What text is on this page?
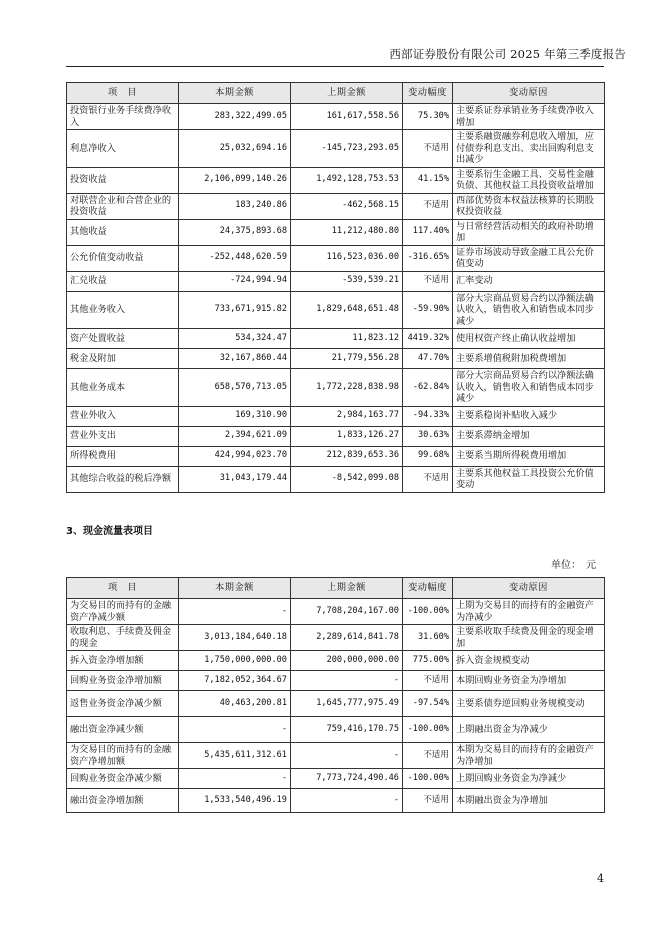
西部证券股份有限公司 2025 年第三季度报告
项　目	本期金额	上期金额	变动幅度	变动原因
投资银行业务手续费净收入	283,322,499.05	161,617,558.56	75.30%	主要系证券承销业务手续费净收入增加
利息净收入	25,032,694.16	-145,723,293.05	不适用	主要系融资融券利息收入增加，应付债券利息支出、卖出回购利息支出减少
投资收益	2,106,099,140.26	1,492,128,753.53	41.15%	主要系衍生金融工具、交易性金融负债、其他权益工具投资收益增加
对联营企业和合营企业的投资收益	183,240.86	-462,568.15	不适用	西部优势资本权益法核算的长期股权投资收益
其他收益	24,375,893.68	11,212,480.80	117.40%	与日常经营活动相关的政府补助增加
公允价值变动收益	-252,448,620.59	116,523,036.00	-316.65%	证券市场波动导致金融工具公允价值变动
汇兑收益	-724,994.94	-539,539.21	不适用	汇率变动
其他业务收入	733,671,915.82	1,829,648,651.48	-59.90%	部分大宗商品贸易合约以净额法确认收入，销售收入和销售成本同步减少
资产处置收益	534,324.47	11,823.12	4419.32%	使用权资产终止确认收益增加
税金及附加	32,167,860.44	21,779,556.28	47.70%	主要系增值税附加税费增加
其他业务成本	658,570,713.05	1,772,228,838.98	-62.84%	部分大宗商品贸易合约以净额法确认收入，销售收入和销售成本同步减少
营业外收入	169,310.90	2,984,163.77	-94.33%	主要系稳岗补贴收入减少
营业外支出	2,394,621.09	1,833,126.27	30.63%	主要系滞纳金增加
所得税费用	424,994,023.70	212,839,653.36	99.68%	主要系当期所得税费用增加
其他综合收益的税后净额	31,043,179.44	-8,542,099.08	不适用	主要系其他权益工具投资公允价值变动
3、现金流量表项目
单位：　元
项　目	本期金额	上期金额	变动幅度	变动原因
为交易目的而持有的金融资产净减少额	-	7,708,204,167.00	-100.00%	上期为交易目的而持有的金融资产为净减少
收取利息、手续费及佣金的现金	3,013,184,640.18	2,289,614,841.78	31.60%	主要系收取手续费及佣金的现金增加
拆入资金净增加额	1,750,000,000.00	200,000,000.00	775.00%	拆入资金规模变动
回购业务资金净增加额	7,182,052,364.67	-	不适用	本期回购业务资金为净增加
返售业务资金净减少额	40,463,200.81	1,645,777,975.49	-97.54%	主要系债券逆回购业务规模变动
融出资金净减少额	-	759,416,170.75	-100.00%	上期融出资金为净减少
为交易目的而持有的金融资产净增加额	5,435,611,312.61	-	不适用	本期为交易目的而持有的金融资产为净增加
回购业务资金净减少额	-	7,773,724,490.46	-100.00%	上期回购业务资金为净减少
融出资金净增加额	1,533,540,496.19	-	不适用	本期融出资金为净增加
4
